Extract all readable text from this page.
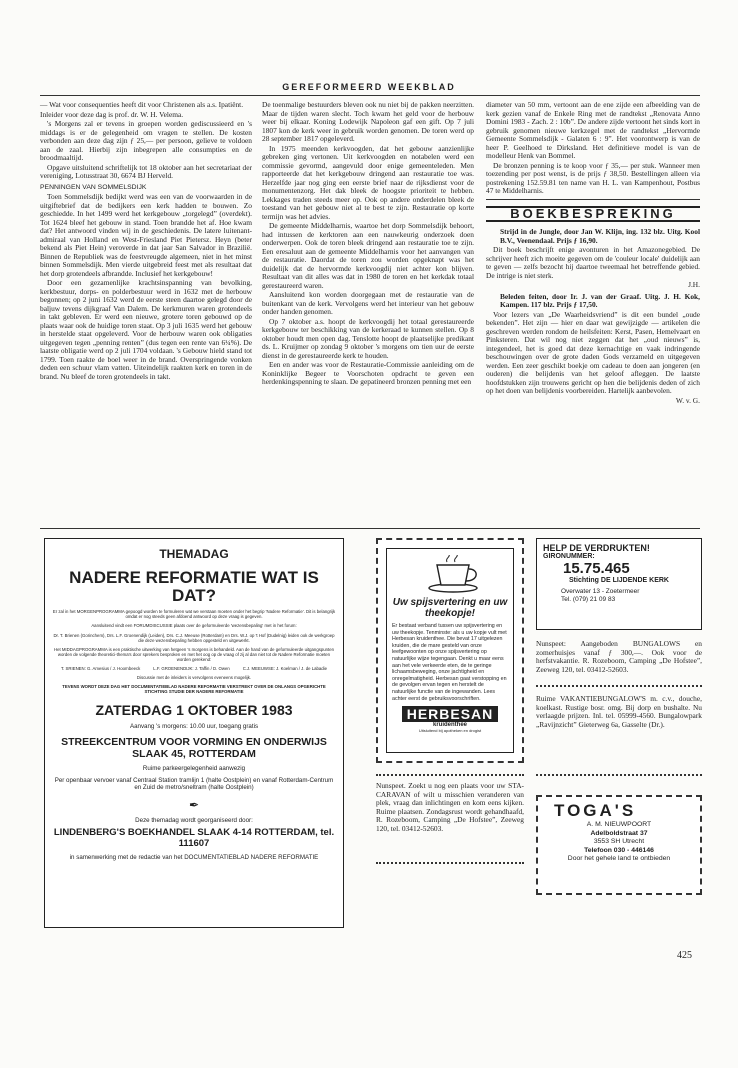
GEREFORMEERD WEEKBLAD

— Wat voor consequenties heeft dit voor Christenen als a.s. Ipatiënt.

Inleider voor deze dag is prof. dr. W. H. Velema.

's Morgens zal er tevens in groepen worden gediscussieerd en 's middags is er de gelegenheid om vragen te stellen. De kosten verbonden aan deze dag zijn ƒ 25,— per persoon, gelieve te voldoen aan de zaal. Hierbij zijn inbegrepen alle consumpties en de broodmaaltijd.

Opgave uitsluitend schriftelijk tot 18 oktober aan het secretariaat der vereniging, Lotusstraat 30, 6674 BJ Herveld.

PENNINGEN VAN SOMMELSDIJK

Toen Sommelsdijk bedijkt werd was een van de voorwaarden in de uitgiftebrief dat de bedijkers een kerk hadden te bouwen. Zo geschiedde. In het 1499 werd het kerkgebouw „torgelegd” (overdekt). Tot 1624 bleef het gebouw in stand. Toen brandde het af. Hoe kwam dat? Het antwoord vinden wij in de geschiedenis. De latere luitenant-admiraal van Holland en West-Friesland Piet Pietersz. Heyn (beter bekend als Piet Hein) veroverde in dat jaar San Salvador in Brazilië. Binnen de Republiek was de feestvreugde algemeen, niet in het minst binnen Sommelsdijk. Men vierde uitgebreid feest met als resultaat dat het dorp grotendeels afbrandde. Inclusief het kerkgebouw!

Door een gezamenlijke krachtsinspanning van bevolking, kerkbestuur, dorps- en polderbestuur werd in 1632 met de herbouw begonnen; op 2 juni 1632 werd de eerste steen daartoe gelegd door de baljuw tevens dijkgraaf Van Dalem. De kerkmuren waren grotendeels in takt gebleven. Er werd een nieuwe, grotere toren gebouwd op de plaats waar ook de huidige toren staat. Op 3 juli 1635 werd het gebouw in herstelde staat opgeleverd. Voor de herbouw waren ook obligaties uitgegeven tegen „penning renten” (dus tegen een rente van 6¼%). De laatste obligatie werd op 2 juli 1704 voldaan. 's Gebouw hield stand tot 1799. Toen raakte de boel weer in de brand. Overspringende vonken deden een schuur vlam vatten. Uiteindelijk raakten kerk en toren in de brand. Nu bleef de toren grotendeels in takt.

De toenmalige bestuurders bleven ook nu niet bij de pakken neerzitten. Maar de tijden waren slecht. Toch kwam het geld voor de herbouw weer bij elkaar. Koning Lodewijk Napoleon gaf een gift. Op 7 juli 1807 kon de kerk weer in gebruik worden genomen. De toren werd op 28 september 1817 opgeleverd.

In 1975 meenden kerkvoogden, dat het gebouw aanzienlijke gebreken ging vertonen. Uit kerkvoogden en notabelen werd een commissie gevormd, aangevuld door enige gemeenteleden. Men rapporteerde dat het kerkgebouw dringend aan restauratie toe was. Herzelfde jaar nog ging een eerste brief naar de rijksdienst voor de monumentenzorg. Het dak bleek de hoogste prioriteit te hebben. Lekkages traden steeds meer op. Ook op andere onderdelen bleek de toestand van het gebouw niet al te best te zijn. Restauratie op korte termijn was het advies.

De gemeente Middelharnis, waartoe het dorp Sommelsdijk behoort, had intussen de kerktoren aan een nauwkeurig onderzoek doen onderwerpen. Ook de toren bleek dringend aan restauratie toe te zijn. Een eresaluut aan de gemeente Middelharnis voor het aanvangen van de restauratie. Daordat de toren zou worden opgeknapt was het duidelijk dat de hervormde kerkvoogdij niet achter kon blijven. Resultaat van dit alles was dat in 1980 de toren en het kerkdak totaal gerestaureerd waren.

Aansluitend kon worden doorgegaan met de restauratie van de buitenkant van de kerk. Vervolgens werd het interieur van het gebouw onder handen genomen.

Op 7 oktober a.s. hoopt de kerkvoogdij het totaal gerestaureerde kerkgebouw ter beschikking van de kerkeraad te kunnen stellen. Op 8 oktober houdt men open dag. Tenslotte hoopt de plaatselijke predikant ds. L. Kruijmer op zondag 9 oktober 's morgens om tien uur de eerste dienst in de gerestaureerde kerk te houden.

Een en ander was voor de Restauratie-Commissie aanleiding om de Koninklijke Begeer te Voorschoten opdracht te geven een herdenkingspenning te slaan. De gepatineerd bronzen penning met een

diameter van 50 mm, vertoont aan de ene zijde een afbeelding van de kerk gezien vanaf de Enkele Ring met de randtekst „Renovata Anno Domini 1983 - Zach. 2 : 10b”. De andere zijde vertoont het sinds kort in gebruik genomen nieuwe kerkzegel met de randtekst „Hervormde Gemeente Sommelsdijk - Galaten 6 : 9”. Het voorontwerp is van de heer P. Geelhoed te Dirksland. Het definitieve model is van de modelleur Henk van Bommel.

De bronzen penning is te koop voor ƒ 35,— per stuk. Wanneer men toezending per post wenst, is de prijs ƒ 38,50. Bestellingen alleen via postrekening 152.59.81 ten name van H. L. van Kampenhout, Postbus 47 te Middelharnis.

BOEKBESPREKING

Strijd in de Jungle, door Jan W. Klijn, ing. 132 blz. Uitg. Kool B.V., Veenendaal. Prijs ƒ 16,90.

Dit boek beschrijft enige avonturen in het Amazonegebied. De schrijver heeft zich moeite gegeven om de 'couleur locale' duidelijk aan te geven — zelfs bezocht hij daartoe tweemaal het betreffende gebied. De intrige is niet sterk.

J.H.

Beleden feiten, door Ir. J. van der Graaf. Uitg. J. H. Kok, Kampen. 117 blz. Prijs ƒ 17,50.

Voor lezers van „De Waarheidsvriend” is dit een bundel „oude bekenden”. Het zijn — hier en daar wat gewijzigde — artikelen die geschreven werden rondom de heilsfeiten: Kerst, Pasen, Hemelvaart en Pinksteren. Dat wil nog niet zeggen dat het „oud nieuws” is, integendeel, het is goed dat deze kernachtige en vaak indringende beschouwingen over de grote daden Gods verzameld en uitgegeven werden. Een zeer geschikt boekje om cadeau te doen aan jongeren (en ouderen) die belijdenis van het geloof afleggen. De laatste hoofdstukken zijn trouwens gericht op hen die belijdenis deden of zich op het doen van belijdenis voorbereiden. Hartelijk aanbevolen.

W. v. G.

THEMADAG
NADERE REFORMATIE WAT IS DAT?
Er zal in het MORGENPROGRAMMA gepoogd worden te formuleren wat we verstaan moeten onder het begrip 'Nadere Reformatie'. Dit is belangrijk omdat er nog steeds geen afdoend antwoord op deze vraag is gegeven.
Aansluitend vindt een FORUMDISCUSSIE plaats over de geformuleerde 'wezensbepaling' met in het forum:
Dr. T. Brienen (Gorinchem), Drs. L.F. Groenendijk (Leiden), Drs. C.J. Meeuse (Rotterdam) en Drs. W.J. op 't Hof (Dudelnig) leiden ook de werkgroep die deze wezensbepaling hebben opgesteld en uitgewerkt.
Het MIDDAGPROGRAMMA is een praktische uitwerking van hetgeen 's morgens is behandeld. Aan de hand van de geformuleerde uitgangspunten worden de volgende theoretici-thema's door sprekers besproken en met het oog op de vraag of zij al dan niet tot de Nadere Reformatie moeten worden gerekend:
T. SRIENEN: G. Amesius / J. Hoornbeeck	L.F. GROENENDIJK: J. Taffin / D. Owen	C.J. MEEUWSE: J. Koelman / J. de Labadie
Discussie met de inleiders is vervolgens eveneens mogelijk.
TEVENS WORDT DEZE DAG HET DOCUMENTATIEBLAD NADERE REFORMATIE VERSTREKT OVER DE ONLANGS OPGERICHTE STICHTING STUDIE DER NADERE REFORMATIE
ZATERDAG 1 OKTOBER 1983
Aanvang 's morgens: 10.00 uur, toegang gratis
STREEKCENTRUM VOOR VORMING EN ONDERWIJS SLAAK 45, ROTTERDAM
Ruime parkeergelegenheid aanwezig
Per openbaar vervoer vanaf Centraal Station tramlijn 1 (halte Oostplein) en vanaf Rotterdam-Centrum en Zuid de metro/sneltram (halte Oostplein)
✒
Deze themadag wordt georganiseerd door:
LINDENBERG'S BOEKHANDEL SLAAK 4-14 ROTTERDAM, tel. 111607
in samenwerking met de redactie van het DOCUMENTATIEBLAD NADERE REFORMATIE
Uw spijsvertering en uw theekopje!
Er bestaat verband tussen uw spijsvertering en uw theekopje. Tenminste: als u uw kopje vult met Herbesan kruidenthee. Die bevat 17 uitgelezen kruiden, die de mare gesteld van onze leefgewoonten op onze spijsvertering op natuurlijke wijze tegengaan. Denkt u maar eens aan het vele verkeerde eten, de te geringe lichaamsbeweging, onze jachtigheid en onregelmatigheid. Herbesan gaat verstopping en de gevolgen ervan tegen en herstelt de natuurlijke functie van de ingewanden. Lees achter eerst de gebruiksvoorschriften.
HERBESAN
kruidenthee
Uitsluitend bij apotheken en drogist
Nunspeet. Zoekt u nog een plaats voor uw STA-CARAVAN of wilt u misschien veranderen van plek, vraag dan inlichtingen en kom eens kijken. Ruime plaatsen. Zondagsrust wordt gehandhaafd, R. Rozeboom, Camping „De Hofstee”, Zeeweg 120, tel. 03412-52603.
HELP DE VERDRUKTEN!
GIRONUMMER:
15.75.465
Stichting DE LIJDENDE KERK
Overwater 13 - Zoetermeer
Tel. (079) 21 09 83
Nunspeet: Aangeboden BUNGALOWS en zomerhuisjes vanaf ƒ 300,—. Ook voor de herfstvakantie. R. Rozeboom, Camping „De Hofstee”, Zeeweg 120, tel. 03412-52603.
Ruime VAKANTIEBUNGALOW'S m. c.v., douche, koelkast. Rustige bosr. omg. Bij dorp en bushalte. Nu verlaagde prijzen. Inl. tel. 05999-4560. Bungalowpark „Ravijnzicht” Gieterweg 6a, Gasselte (Dr.).
TOGA'S
A. M. NIEUWPOORT
Adelboldstraat 37
3553 SH Utrecht
Telefoon 030 - 446146
Door het gehele land te ontbieden
425
